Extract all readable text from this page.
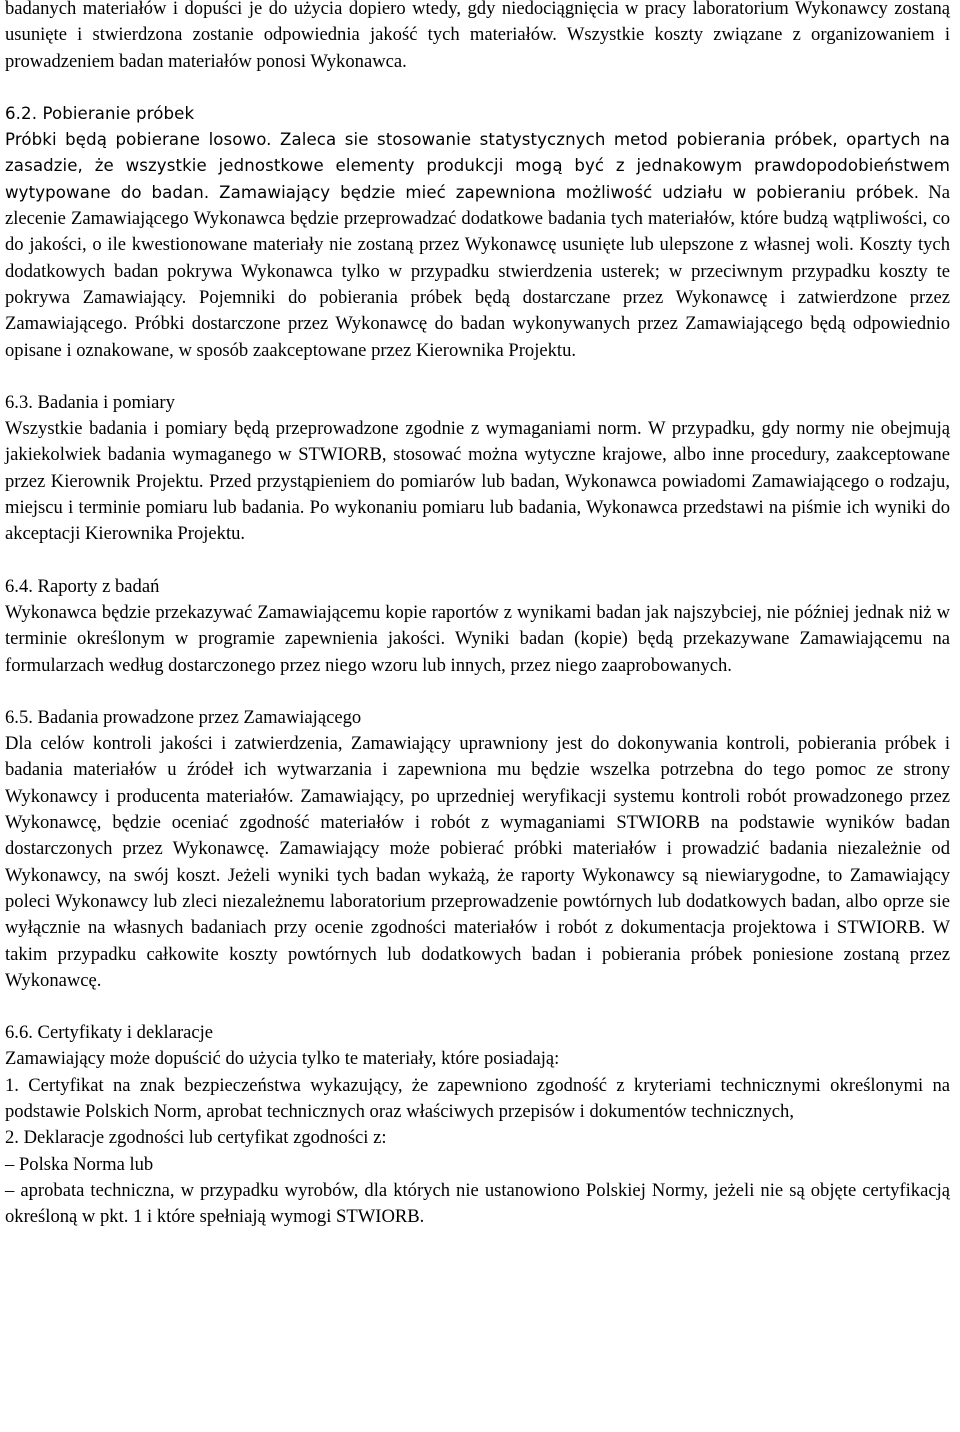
badanych materiałów i dopuści je do użycia dopiero wtedy, gdy niedociągnięcia w pracy laboratorium Wykonawcy zostaną usunięte i stwierdzona zostanie odpowiednia jakość tych materiałów. Wszystkie koszty związane z organizowaniem i prowadzeniem badan materiałów ponosi Wykonawca.

6.2. Pobieranie próbek

Próbki będą pobierane losowo. Zaleca sie stosowanie statystycznych metod pobierania próbek, opartych na zasadzie, że wszystkie jednostkowe elementy produkcji mogą być z jednakowym prawdopodobieństwem wytypowane do badan. Zamawiający będzie mieć zapewniona możliwość udziału w pobieraniu próbek. Na zlecenie Zamawiającego Wykonawca będzie przeprowadzać dodatkowe badania tych materiałów, które budzą wątpliwości, co do jakości, o ile kwestionowane materiały nie zostaną przez Wykonawcę usunięte lub ulepszone z własnej woli. Koszty tych dodatkowych badan pokrywa Wykonawca tylko w przypadku stwierdzenia usterek; w przeciwnym przypadku koszty te pokrywa Zamawiający. Pojemniki do pobierania próbek będą dostarczane przez Wykonawcę i zatwierdzone przez Zamawiającego. Próbki dostarczone przez Wykonawcę do badan wykonywanych przez Zamawiającego będą odpowiednio opisane i oznakowane, w sposób zaakceptowane przez Kierownika Projektu.

6.3. Badania i pomiary

Wszystkie badania i pomiary będą przeprowadzone zgodnie z wymaganiami norm. W przypadku, gdy normy nie obejmują jakiekolwiek badania wymaganego w STWIORB, stosować można wytyczne krajowe, albo inne procedury, zaakceptowane przez Kierownik Projektu. Przed przystąpieniem do pomiarów lub badan, Wykonawca powiadomi Zamawiającego o rodzaju, miejscu i terminie pomiaru lub badania. Po wykonaniu pomiaru lub badania, Wykonawca przedstawi na piśmie ich wyniki do akceptacji Kierownika Projektu.

6.4. Raporty z badań

Wykonawca będzie przekazywać Zamawiającemu kopie raportów z wynikami badan jak najszybciej, nie później jednak niż w terminie określonym w programie zapewnienia jakości. Wyniki badan (kopie) będą przekazywane Zamawiającemu na formularzach według dostarczonego przez niego wzoru lub innych, przez niego zaaprobowanych.

6.5. Badania prowadzone przez Zamawiającego

Dla celów kontroli jakości i zatwierdzenia, Zamawiający uprawniony jest do dokonywania kontroli, pobierania próbek i badania materiałów u źródeł ich wytwarzania i zapewniona mu będzie wszelka potrzebna do tego pomoc ze strony Wykonawcy i producenta materiałów. Zamawiający, po uprzedniej weryfikacji systemu kontroli robót prowadzonego przez Wykonawcę, będzie oceniać zgodność materiałów i robót z wymaganiami STWIORB na podstawie wyników badan dostarczonych przez Wykonawcę. Zamawiający może pobierać próbki materiałów i prowadzić badania niezależnie od Wykonawcy, na swój koszt. Jeżeli wyniki tych badan wykażą, że raporty Wykonawcy są niewiarygodne, to Zamawiający poleci Wykonawcy lub zleci niezależnemu laboratorium przeprowadzenie powtórnych lub dodatkowych badan, albo oprze sie wyłącznie na własnych badaniach przy ocenie zgodności materiałów i robót z dokumentacja projektowa i STWIORB. W takim przypadku całkowite koszty powtórnych lub dodatkowych badan i pobierania próbek poniesione zostaną przez Wykonawcę.

6.6. Certyfikaty i deklaracje

Zamawiający może dopuścić do użycia tylko te materiały, które posiadają:

1. Certyfikat na znak bezpieczeństwa wykazujący, że zapewniono zgodność z kryteriami technicznymi określonymi na podstawie Polskich Norm, aprobat technicznych oraz właściwych przepisów i dokumentów technicznych,

2. Deklaracje zgodności lub certyfikat zgodności z:

– Polska Norma lub

– aprobata techniczna, w przypadku wyrobów, dla których nie ustanowiono Polskiej Normy, jeżeli nie są objęte certyfikacją określoną w pkt. 1 i które spełniają wymogi STWIORB.
